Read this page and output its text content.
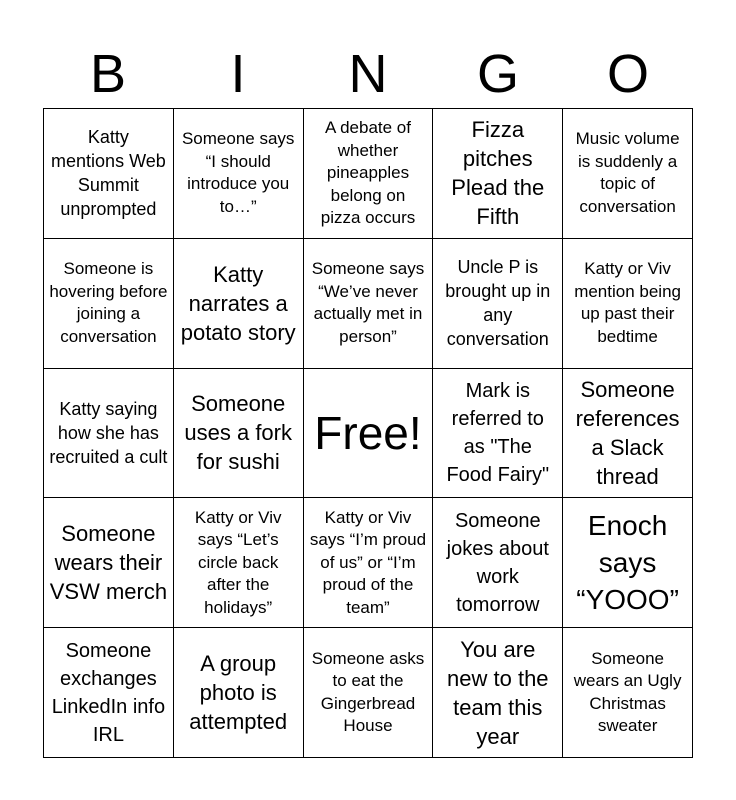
B	I	N	G	O
Katty mentions Web Summit unprompted
Someone says “I should introduce you to…”
A debate of whether pineapples belong on pizza occurs
Fizza pitches Plead the Fifth
Music volume is suddenly a topic of conversation
Someone is hovering before joining a conversation
Katty narrates a potato story
Someone says “We’ve never actually met in person”
Uncle P is brought up in any conversation
Katty or Viv mention being up past their bedtime
Katty saying how she has recruited a cult
Someone uses a fork for sushi
Free!
Mark is referred to as "The Food Fairy"
Someone references a Slack thread
Someone wears their VSW merch
Katty or Viv says “Let’s circle back after the holidays”
Katty or Viv says “I’m proud of us” or “I’m proud of the team”
Someone jokes about work tomorrow
Enoch says “YOOO”
Someone exchanges LinkedIn info IRL
A group photo is attempted
Someone asks to eat the Gingerbread House
You are new to the team this year
Someone wears an Ugly Christmas sweater
